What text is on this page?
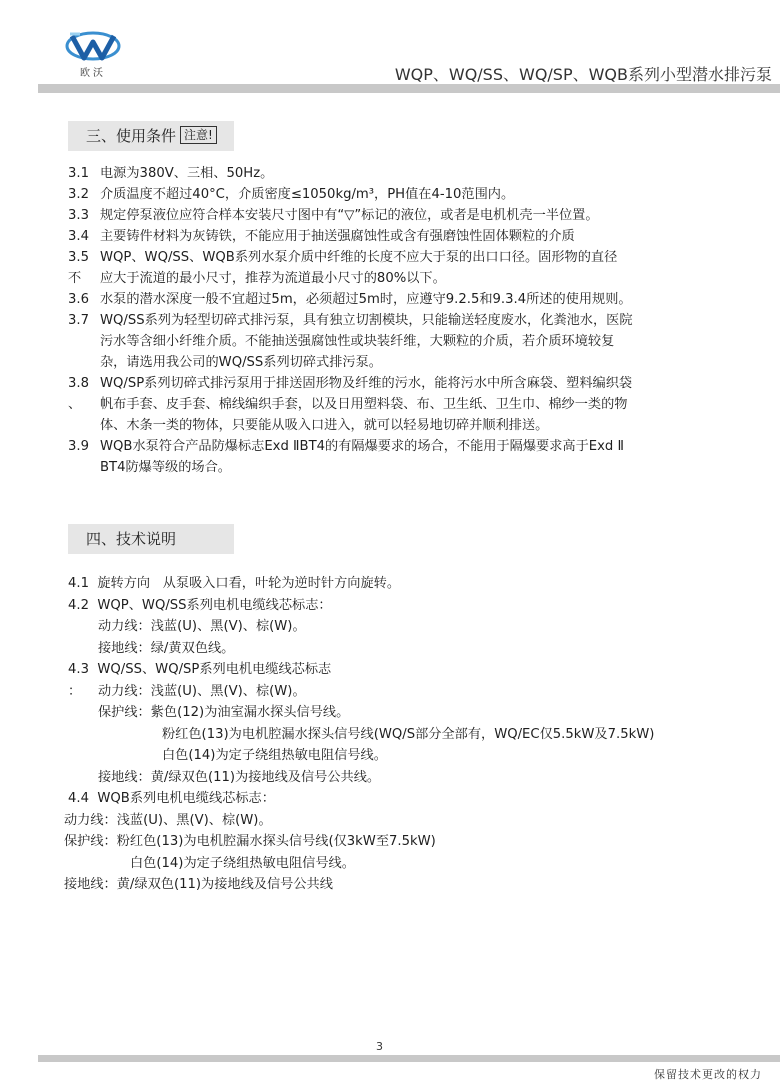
欧沃	WQP、WQ/SS、WQ/SP、WQB系列小型潜水排污泵
三、使用条件 注意!
3.1 电源为380V、三相、50Hz。
3.2 介质温度不超过40°C，介质密度≤1050kg/m³，PH值在4-10范围内。
3.3 规定停泵液位应符合样本安装尺寸图中有“▽”标记的液位，或者是电机机壳一半位置。
3.4 主要铸件材料为灰铸铁，不能应用于抽送强腐蚀性或含有强磨蚀性固体颗粒的介质
3.5
不
WQP、WQ/SS、WQB系列水泵介质中纤维的长度不应大于泵的出口口径。固形物的直径
应大于流道的最小尺寸，推荐为流道最小尺寸的80%以下。
3.6 水泵的潜水深度一般不宜超过5m，必须超过5m时，应遵守9.2.5和9.3.4所述的使用规则。
3.7 WQ/SS系列为轻型切碎式排污泵，具有独立切割模块，只能输送轻度废水，化粪池水，医院
污水等含细小纤维介质。不能抽送强腐蚀性或块装纤维，大颗粒的介质，若介质环境较复
杂，请选用我公司的WQ/SS系列切碎式排污泵。
3.8
、
WQ/SP系列切碎式排污泵用于排送固形物及纤维的污水，能将污水中所含麻袋、塑料编织袋
帆布手套、皮手套、棉线编织手套，以及日用塑料袋、布、卫生纸、卫生巾、棉纱一类的物
体、木条一类的物体，只要能从吸入口进入，就可以轻易地切碎并顺利排送。
3.9 WQB水泵符合产品防爆标志Exd ⅡBT4的有隔爆要求的场合，不能用于隔爆要求高于Exd Ⅱ
BT4防爆等级的场合。
四、技术说明
4.1  旋转方向   从泵吸入口看，叶轮为逆时针方向旋转。
4.2  WQP、WQ/SS系列电机电缆线芯标志：
动力线：浅蓝(U)、黑(V)、棕(W)。
接地线：绿/黄双色线。
4.3  WQ/SS、WQ/SP系列电机电缆线芯标志
：	动力线：浅蓝(U)、黑(V)、棕(W)。
保护线：紫色(12)为油室漏水探头信号线。
粉红色(13)为电机腔漏水探头信号线(WQ/S部分全部有，WQ/EC仅5.5kW及7.5kW)
白色(14)为定子绕组热敏电阻信号线。
接地线：黄/绿双色(11)为接地线及信号公共线。
4.4  WQB系列电机电缆线芯标志：
动力线：浅蓝(U)、黑(V)、棕(W)。
保护线：粉红色(13)为电机腔漏水探头信号线(仅3kW至7.5kW)
白色(14)为定子绕组热敏电阻信号线。
接地线：黄/绿双色(11)为接地线及信号公共线
3
保留技术更改的权力
